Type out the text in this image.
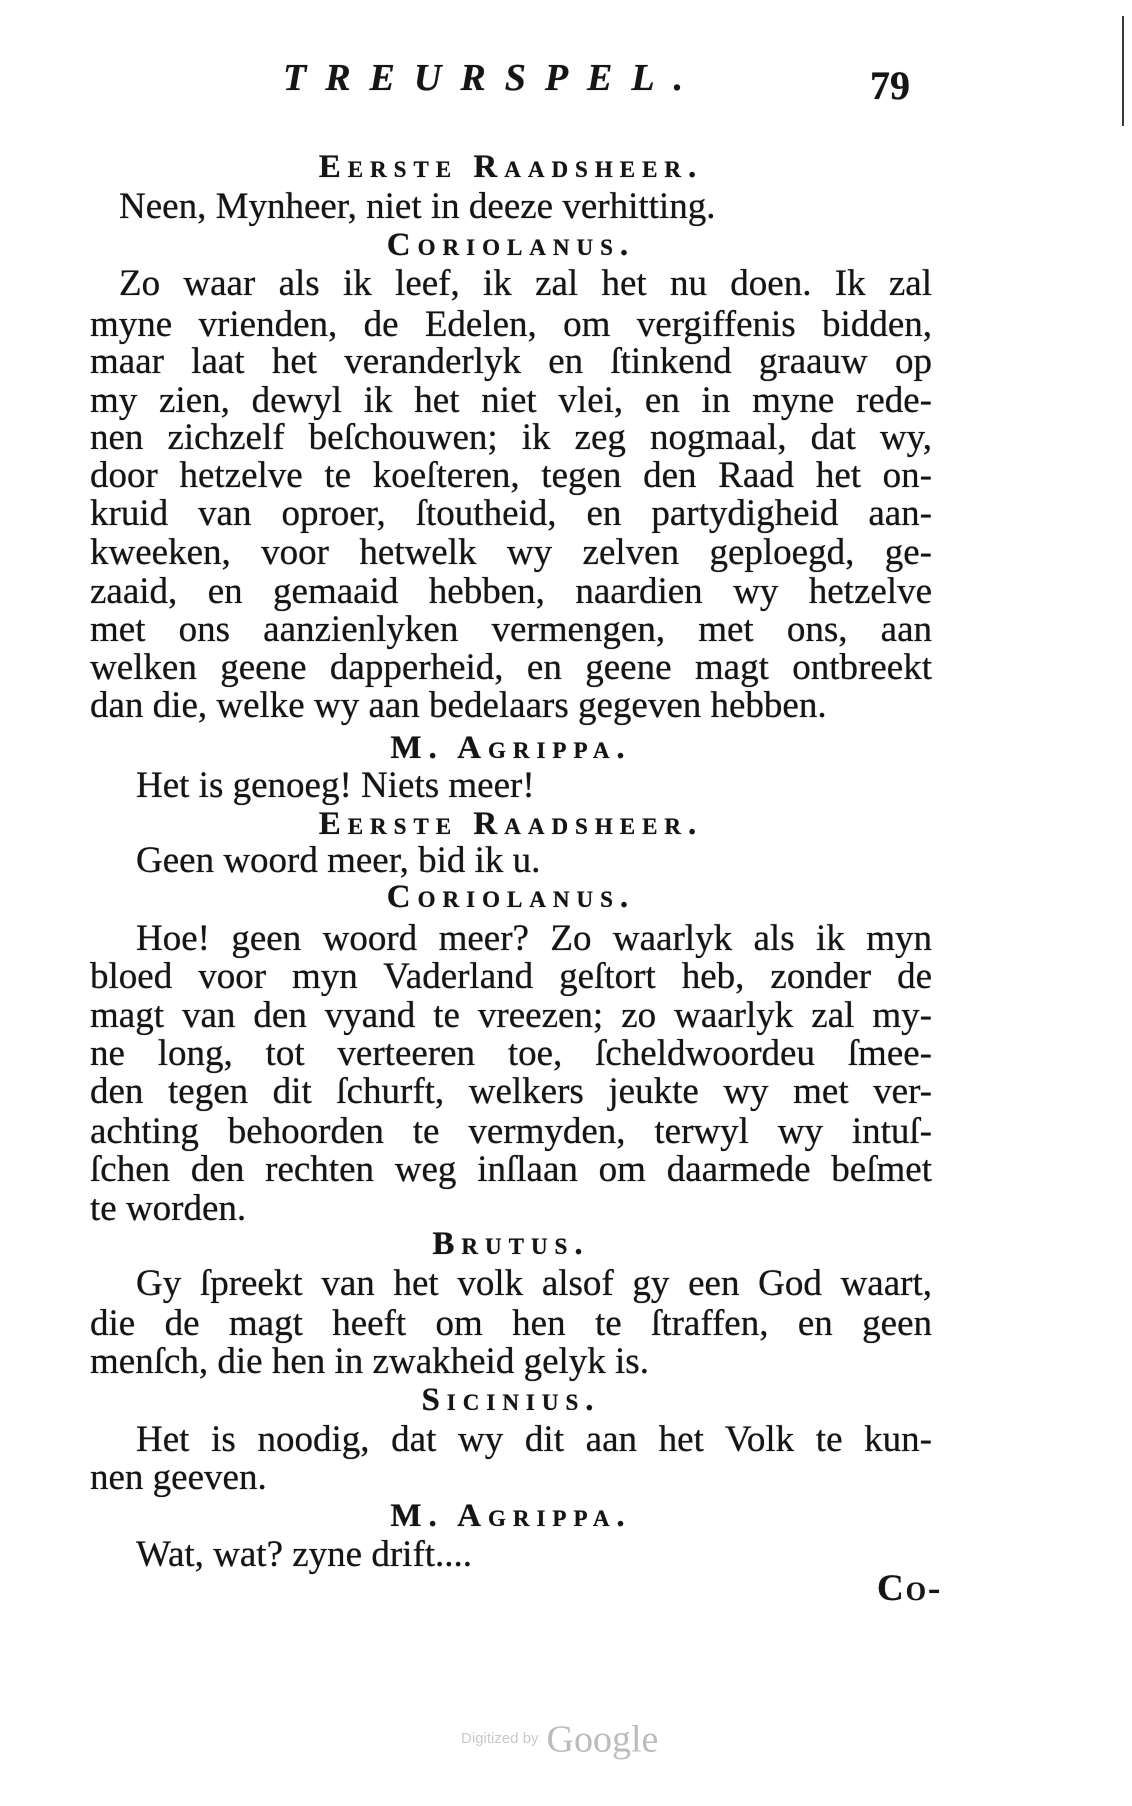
TREURSPEL.	79
Eerste Raadsheer.
Neen, Mynheer, niet in deeze verhitting.
Coriolanus.
Zo waar als ik leef, ik zal het nu doen. Ik zal
myne vrienden, de Edelen, om vergiffenis bidden,
maar laat het veranderlyk en ſtinkend graauw op
my zien, dewyl ik het niet vlei, en in myne rede-
nen zichzelf beſchouwen; ik zeg nogmaal, dat wy,
door hetzelve te koeſteren, tegen den Raad het on-
kruid van oproer, ſtoutheid, en partydigheid aan-
kweeken, voor hetwelk wy zelven geploegd, ge-
zaaid, en gemaaid hebben, naardien wy hetzelve
met ons aanzienlyken vermengen, met ons, aan
welken geene dapperheid, en geene magt ontbreekt
dan die, welke wy aan bedelaars gegeven hebben.
M. Agrippa.
Het is genoeg! Niets meer!
Eerste Raadsheer.
Geen woord meer, bid ik u.
Coriolanus.
Hoe! geen woord meer? Zo waarlyk als ik myn
bloed voor myn Vaderland geſtort heb, zonder de
magt van den vyand te vreezen; zo waarlyk zal my-
ne long, tot verteeren toe, ſcheldwoordeu ſmee-
den tegen dit ſchurft, welkers jeukte wy met ver-
achting behoorden te vermyden, terwyl wy intuſ-
ſchen den rechten weg inſlaan om daarmede beſmet
te worden.
Brutus.
Gy ſpreekt van het volk alsof gy een God waart,
die de magt heeft om hen te ſtraffen, en geen
menſch, die hen in zwakheid gelyk is.
Sicinius.
Het is noodig, dat wy dit aan het Volk te kun-
nen geeven.
M. Agrippa.
Wat, wat? zyne drift....
Co-
Digitized by Google
